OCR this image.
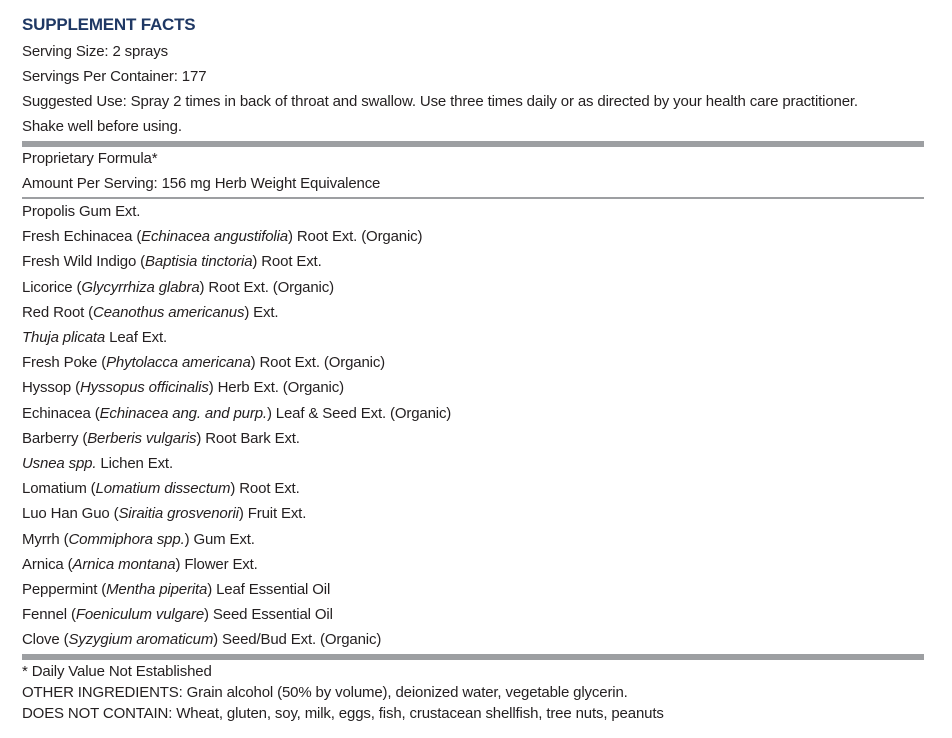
SUPPLEMENT FACTS
Serving Size: 2 sprays
Servings Per Container: 177
Suggested Use: Spray 2 times in back of throat and swallow. Use three times daily or as directed by your health care practitioner.
Shake well before using.
Proprietary Formula*
Amount Per Serving: 156 mg Herb Weight Equivalence
Propolis Gum Ext.
Fresh Echinacea (Echinacea angustifolia) Root Ext. (Organic)
Fresh Wild Indigo (Baptisia tinctoria) Root Ext.
Licorice (Glycyrrhiza glabra) Root Ext. (Organic)
Red Root (Ceanothus americanus) Ext.
Thuja plicata Leaf Ext.
Fresh Poke (Phytolacca americana) Root Ext. (Organic)
Hyssop (Hyssopus officinalis) Herb Ext. (Organic)
Echinacea (Echinacea ang. and purp.) Leaf & Seed Ext. (Organic)
Barberry (Berberis vulgaris) Root Bark Ext.
Usnea spp. Lichen Ext.
Lomatium (Lomatium dissectum) Root Ext.
Luo Han Guo (Siraitia grosvenorii) Fruit Ext.
Myrrh (Commiphora spp.) Gum Ext.
Arnica (Arnica montana) Flower Ext.
Peppermint (Mentha piperita) Leaf Essential Oil
Fennel (Foeniculum vulgare) Seed Essential Oil
Clove (Syzygium aromaticum) Seed/Bud Ext. (Organic)
* Daily Value Not Established
OTHER INGREDIENTS: Grain alcohol (50% by volume), deionized water, vegetable glycerin.
DOES NOT CONTAIN: Wheat, gluten, soy, milk, eggs, fish, crustacean shellfish, tree nuts, peanuts
